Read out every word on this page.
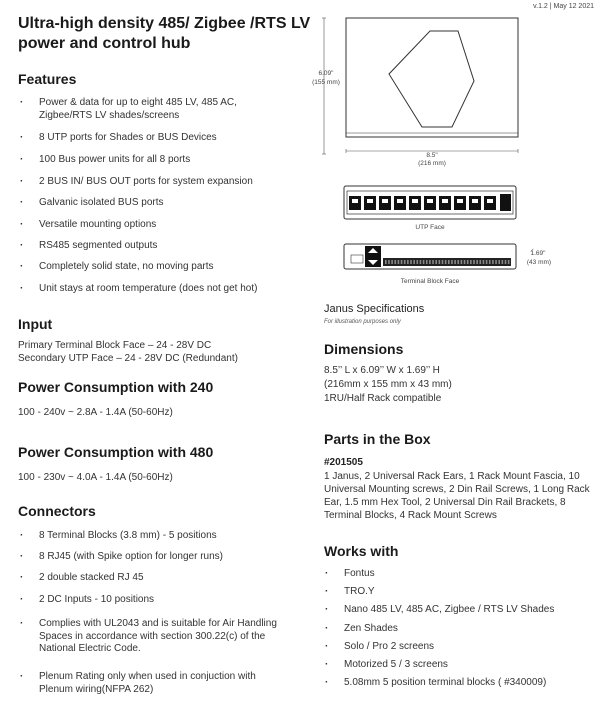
v.1.2 | May 12 2021
Ultra-high density 485/ Zigbee /RTS LV power and control hub
Features
· Power & data for up to eight 485 LV, 485 AC, Zigbee/RTS LV shades/screens
· 8 UTP ports for Shades or BUS Devices
· 100 Bus power units for all 8 ports
· 2 BUS IN/ BUS OUT ports for system expansion
· Galvanic isolated BUS ports
· Versatile mounting options
· RS485 segmented outputs
· Completely solid state, no moving parts
· Unit stays at room temperature (does not get hot)
Input
Primary Terminal Block Face – 24 - 28V DC
Secondary UTP Face – 24 - 28V DC (Redundant)
Power Consumption with 240
100 - 240v ~ 2.8A - 1.4A (50-60Hz)
Power Consumption with 480
100 - 230v ~ 4.0A - 1.4A (50-60Hz)
Connectors
· 8 Terminal Blocks (3.8 mm) - 5 positions
· 8 RJ45 (with Spike option for longer runs)
· 2 double stacked RJ 45
· 2 DC Inputs - 10 positions
· Complies with UL2043 and is suitable for Air Handling Spaces in accordance with section 300.22(c) of the National Electric Code.
· Plenum Rating only when used in conjuction with Plenum wiring(NFPA 262)
6.09"
(155 mm)
8.5"
(216 mm)
UTP Face
⸝
1.69"
(43 mm)
Terminal Block Face
Janus Specifications
For illustration purposes only
Dimensions
8.5’’ L x 6.09’’ W x 1.69’’ H
(216mm x 155 mm x 43 mm)
1RU/Half Rack compatible
Parts in the Box
#201505
1 Janus, 2 Universal Rack Ears, 1 Rack Mount Fascia, 10 Universal Mounting screws, 2 Din Rail Screws, 1 Long Rack Ear, 1.5 mm Hex Tool, 2 Universal Din Rail Brackets, 8 Terminal Blocks, 4 Rack Mount Screws
Works with
· Fontus
· TRO.Y
· Nano 485 LV, 485 AC, Zigbee / RTS LV Shades
· Zen Shades
· Solo / Pro 2 screens
· Motorized 5 / 3 screens
· 5.08mm 5 position terminal blocks ( #340009)
